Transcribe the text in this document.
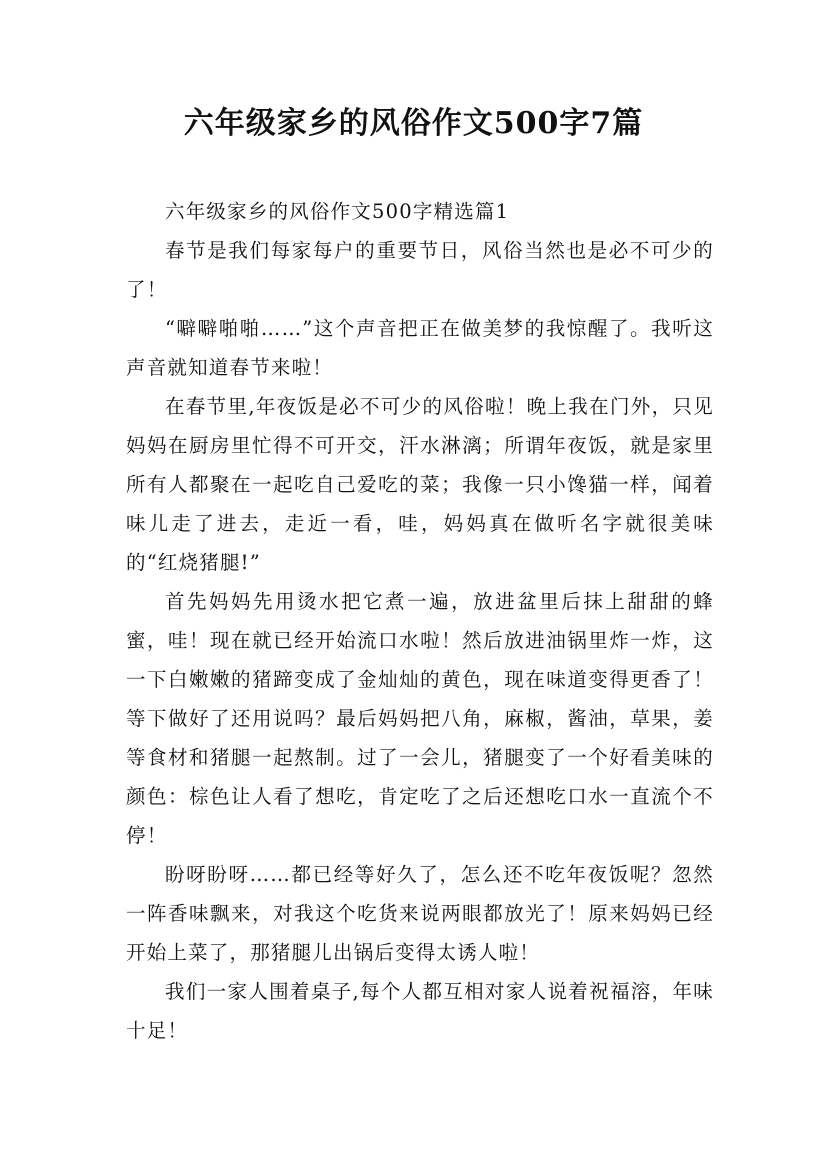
六年级家乡的风俗作文500字7篇

六年级家乡的风俗作文500字精选篇1

春节是我们每家每户的重要节日，风俗当然也是必不可少的了！

“噼噼啪啪……”这个声音把正在做美梦的我惊醒了。我听这声音就知道春节来啦！

在春节里,年夜饭是必不可少的风俗啦！晚上我在门外，只见妈妈在厨房里忙得不可开交，汗水淋漓；所谓年夜饭，就是家里所有人都聚在一起吃自己爱吃的菜；我像一只小馋猫一样，闻着味儿走了进去，走近一看，哇，妈妈真在做听名字就很美味的“红烧猪腿!”

首先妈妈先用烫水把它煮一遍，放进盆里后抹上甜甜的蜂蜜，哇！现在就已经开始流口水啦！然后放进油锅里炸一炸，这一下白嫩嫩的猪蹄变成了金灿灿的黄色，现在味道变得更香了！等下做好了还用说吗？最后妈妈把八角，麻椒，酱油，草果，姜等食材和猪腿一起熬制。过了一会儿，猪腿变了一个好看美味的颜色：棕色让人看了想吃，肯定吃了之后还想吃口水一直流个不停！

盼呀盼呀……都已经等好久了，怎么还不吃年夜饭呢？忽然一阵香味飘来，对我这个吃货来说两眼都放光了！原来妈妈已经开始上菜了，那猪腿儿出锅后变得太诱人啦！

我们一家人围着桌子,每个人都互相对家人说着祝福溶，年味十足！
